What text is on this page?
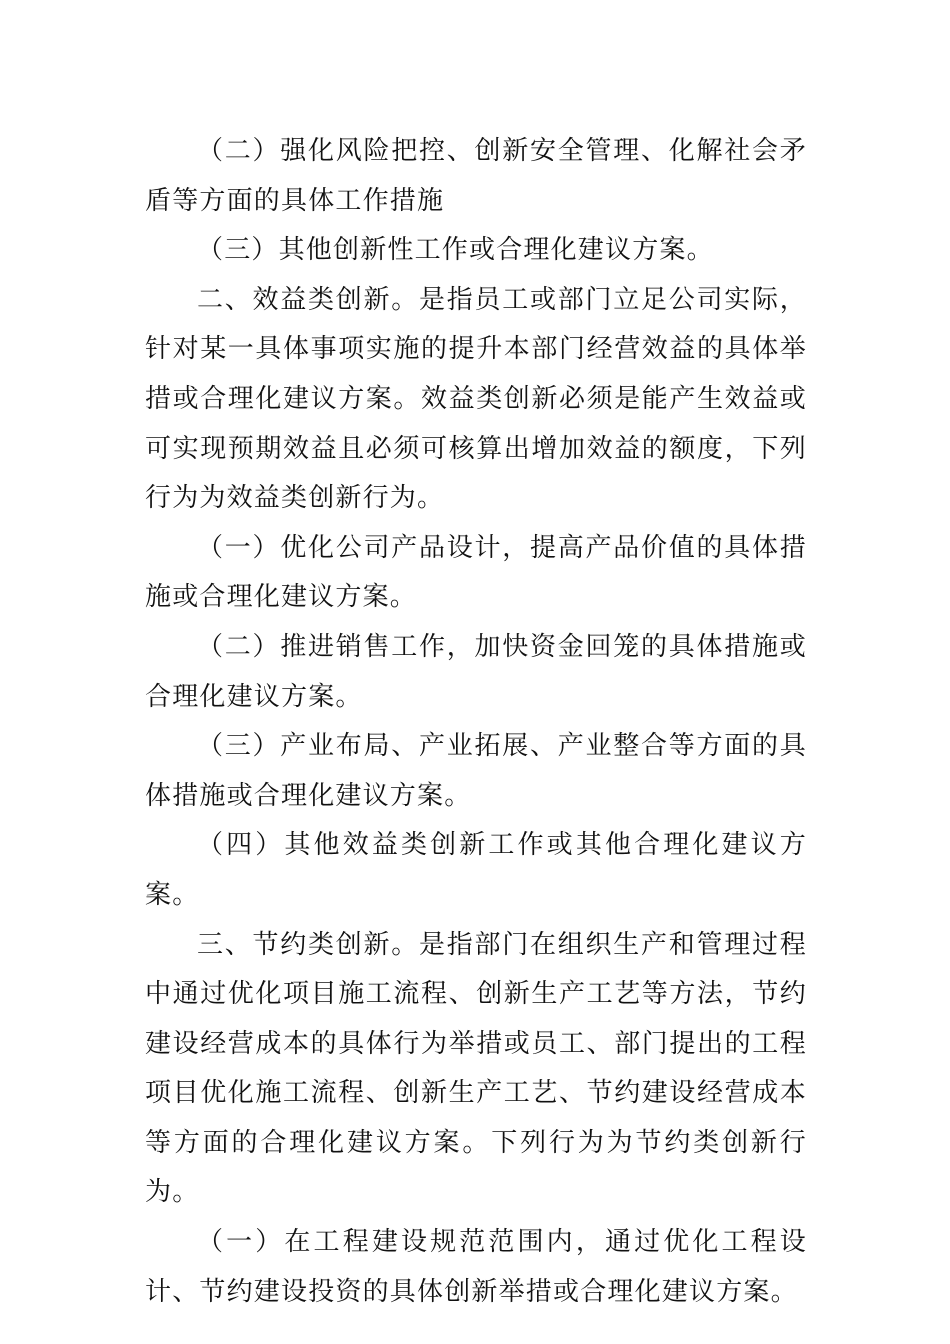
（二）强化风险把控、创新安全管理、化解社会矛盾等方面的具体工作措施

（三）其他创新性工作或合理化建议方案。

二、效益类创新。是指员工或部门立足公司实际，针对某一具体事项实施的提升本部门经营效益的具体举措或合理化建议方案。效益类创新必须是能产生效益或可实现预期效益且必须可核算出增加效益的额度，下列行为为效益类创新行为。

（一）优化公司产品设计，提高产品价值的具体措施或合理化建议方案。

（二）推进销售工作，加快资金回笼的具体措施或合理化建议方案。

（三）产业布局、产业拓展、产业整合等方面的具体措施或合理化建议方案。

（四）其他效益类创新工作或其他合理化建议方案。

三、节约类创新。是指部门在组织生产和管理过程中通过优化项目施工流程、创新生产工艺等方法，节约建设经营成本的具体行为举措或员工、部门提出的工程项目优化施工流程、创新生产工艺、节约建设经营成本等方面的合理化建议方案。下列行为为节约类创新行为。

（一）在工程建设规范范围内，通过优化工程设计、节约建设投资的具体创新举措或合理化建议方案。
